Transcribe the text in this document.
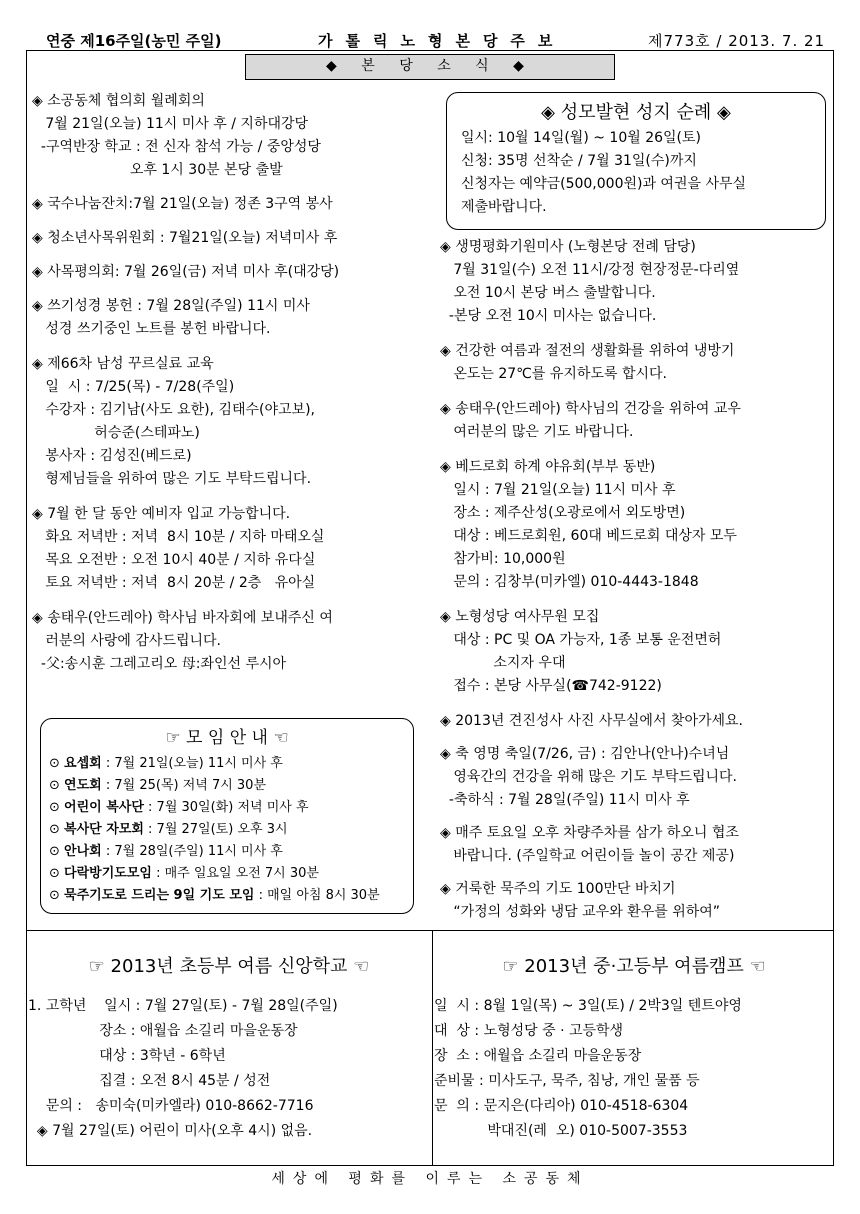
연중 제16주일(농민 주일)	가톨릭노형본당주보	제773호 / 2013. 7. 21
◆ 본 당 소 식 ◆
◈ 소공동체 협의회 월례회의
7월 21일(오늘) 11시 미사 후 / 지하대강당
-구역반장 학교 : 전 신자 참석 가능 / 중앙성당
오후 1시 30분 본당 출발
◈ 국수나눔잔치:7월 21일(오늘) 정존 3구역 봉사
◈ 청소년사목위원회 : 7월21일(오늘) 저녁미사 후
◈ 사목평의회: 7월 26일(금) 저녁 미사 후(대강당)
◈ 쓰기성경 봉헌 : 7월 28일(주일) 11시 미사
성경 쓰기중인 노트를 봉헌 바랍니다.
◈ 제66차 남성 꾸르실료 교육
일  시 : 7/25(목) - 7/28(주일)
수강자 : 김기남(사도 요한), 김태수(야고보),
허승준(스테파노)
봉사자 : 김성진(베드로)
형제님들을 위하여 많은 기도 부탁드립니다.
◈ 7월 한 달 동안 예비자 입교 가능합니다.
화요 저녁반 : 저녁  8시 10분 / 지하 마태오실
목요 오전반 : 오전 10시 40분 / 지하 유다실
토요 저녁반 : 저녁  8시 20분 / 2층   유아실
◈ 송태우(안드레아) 학사님 바자회에 보내주신 여
러분의 사랑에 감사드립니다.
-父:송시훈 그레고리오 母:좌인선 루시아
◈ 성모발현 성지 순례 ◈
일시: 10월 14일(월) ~ 10월 26일(토)
신청: 35명 선착순 / 7월 31일(수)까지
신청자는 예약금(500,000원)과 여권을 사무실
제출바랍니다.
◈ 생명평화기원미사 (노형본당 전례 담당)
7월 31일(수) 오전 11시/강정 현장정문-다리옆
오전 10시 본당 버스 출발합니다.
-본당 오전 10시 미사는 없습니다.
◈ 건강한 여름과 절전의 생활화를 위하여 냉방기
온도는 27℃를 유지하도록 합시다.
◈ 송태우(안드레아) 학사님의 건강을 위하여 교우
여러분의 많은 기도 바랍니다.
◈ 베드로회 하계 야유회(부부 동반)
일시 : 7월 21일(오늘) 11시 미사 후
장소 : 제주산성(오광로에서 외도방면)
대상 : 베드로회원, 60대 베드로회 대상자 모두
참가비: 10,000원
문의 : 김창부(미카엘) 010-4443-1848
◈ 노형성당 여사무원 모집
대상 : PC 및 OA 가능자, 1종 보통 운전면허
소지자 우대
접수 : 본당 사무실(☎742-9122)
◈ 2013년 견진성사 사진 사무실에서 찾아가세요.
◈ 축 영명 축일(7/26, 금) : 김안나(안나)수녀님
영육간의 건강을 위해 많은 기도 부탁드립니다.
-축하식 : 7월 28일(주일) 11시 미사 후
◈ 매주 토요일 오후 차량주차를 삼가 하오니 협조
바랍니다. (주일학교 어린이들 놀이 공간 제공)
◈ 거룩한 묵주의 기도 100만단 바치기
“가정의 성화와 냉담 교우와 환우를 위하여”
☞ 모 임 안 내 ☜
⊙ 요셉회 : 7월 21일(오늘) 11시 미사 후
⊙ 연도회 : 7월 25(목) 저녁 7시 30분
⊙ 어린이 복사단 : 7월 30일(화) 저녁 미사 후
⊙ 복사단 자모회 : 7월 27일(토) 오후 3시
⊙ 안나회 : 7월 28일(주일) 11시 미사 후
⊙ 다락방기도모임 : 매주 일요일 오전 7시 30분
⊙ 묵주기도로 드리는 9일 기도 모임 : 매일 아침 8시 30분
☞ 2013년 초등부 여름 신앙학교 ☜
1. 고학년    일시 : 7월 27일(토) - 7월 28일(주일)
장소 : 애월읍 소길리 마을운동장
대상 : 3학년 - 6학년
집결 : 오전 8시 45분 / 성전
문의 :   송미숙(미카엘라) 010-8662-7716
◈ 7월 27일(토) 어린이 미사(오후 4시) 없음.
☞ 2013년 중·고등부 여름캠프 ☜
일  시 : 8월 1일(목) ~ 3일(토) / 2박3일 텐트야영
대  상 : 노형성당 중 · 고등학생
장  소 : 애월읍 소길리 마을운동장
준비물 : 미사도구, 묵주, 침낭, 개인 물품 등
문  의 : 문지은(다리아) 010-4518-6304
박대진(레  오) 010-5007-3553
세상에 평화를 이루는 소공동체
